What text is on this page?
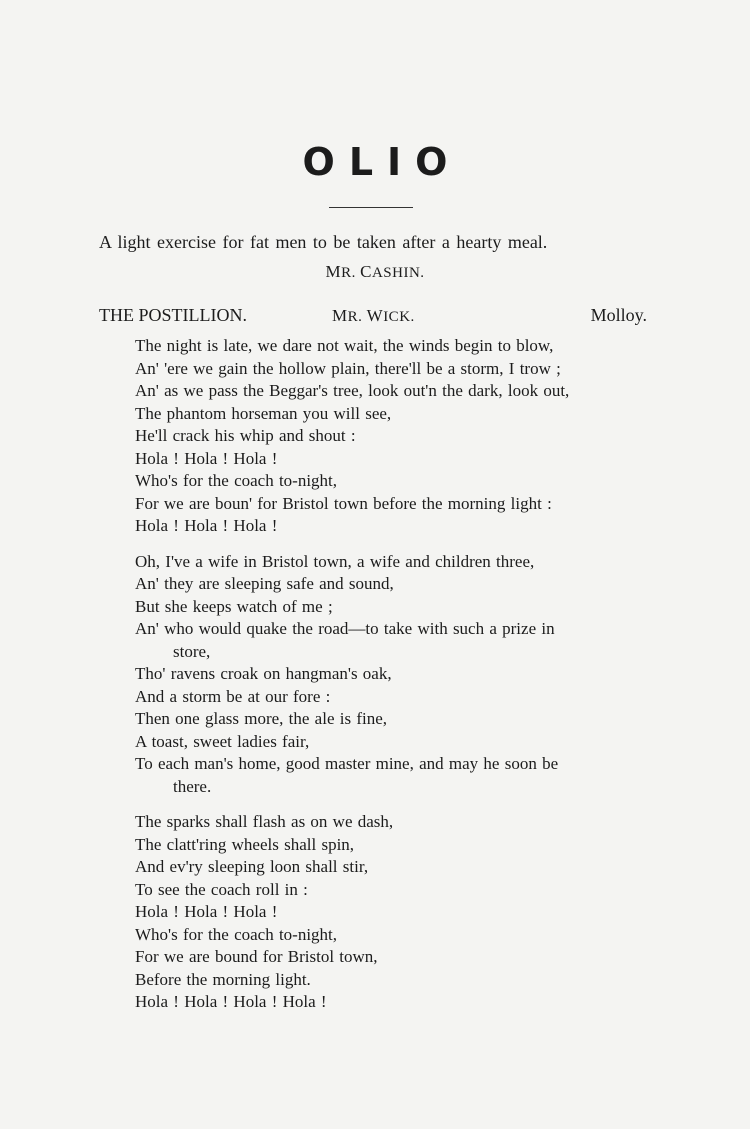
OLIO
A light exercise for fat men to be taken after a hearty meal.
MR. CASHIN.
THE POSTILLION.	MR. WICK.	Molloy.
The night is late, we dare not wait, the winds begin to blow,
An' 'ere we gain the hollow plain, there'll be a storm, I trow ;
An' as we pass the Beggar's tree, look out'n the dark, look out,
The phantom horseman you will see,
He'll crack his whip and shout :
Hola ! Hola ! Hola !
Who's for the coach to-night,
For we are boun' for Bristol town before the morning light :
Hola ! Hola ! Hola !
Oh, I've a wife in Bristol town, a wife and children three,
An' they are sleeping safe and sound,
But she keeps watch of me ;
An' who would quake the road—to take with such a prize in
store,
Tho' ravens croak on hangman's oak,
And a storm be at our fore :
Then one glass more, the ale is fine,
A toast, sweet ladies fair,
To each man's home, good master mine, and may he soon be
there.
The sparks shall flash as on we dash,
The clatt'ring wheels shall spin,
And ev'ry sleeping loon shall stir,
To see the coach roll in :
Hola ! Hola ! Hola !
Who's for the coach to-night,
For we are bound for Bristol town,
Before the morning light.
Hola ! Hola ! Hola ! Hola !
